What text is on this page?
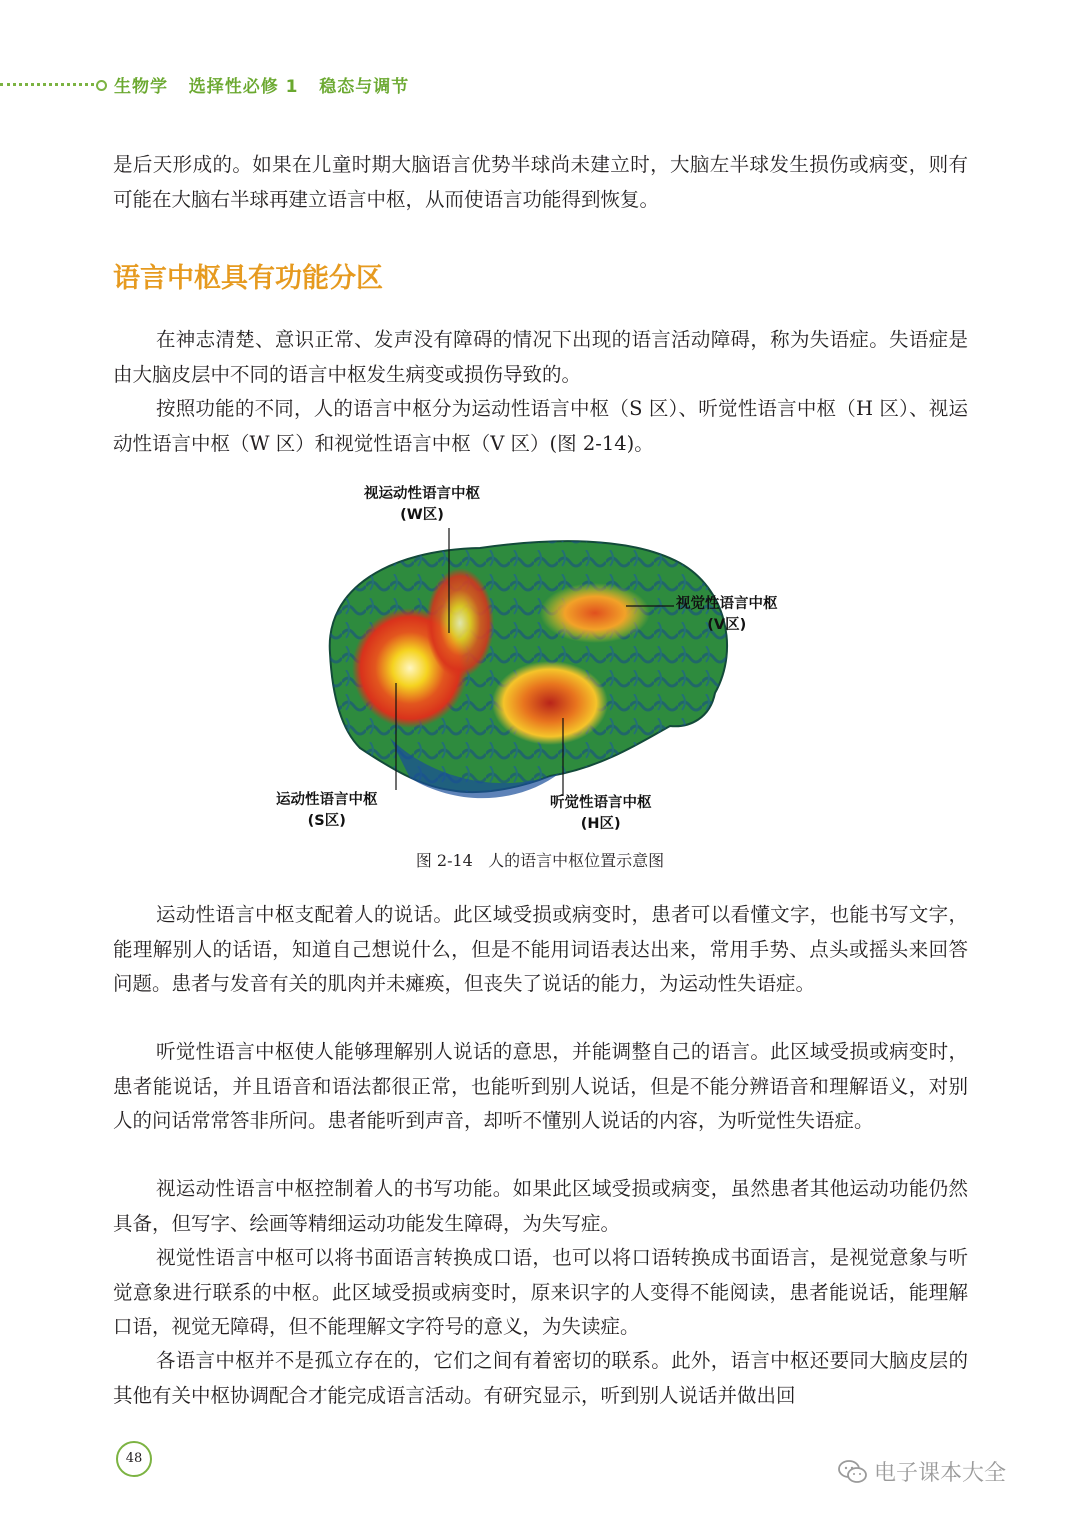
生物学 选择性必修 1 稳态与调节

是后天形成的。如果在儿童时期大脑语言优势半球尚未建立时，大脑左半球发生损伤或病变，则有可能在大脑右半球再建立语言中枢，从而使语言功能得到恢复。

语言中枢具有功能分区

在神志清楚、意识正常、发声没有障碍的情况下出现的语言活动障碍，称为失语症。失语症是由大脑皮层中不同的语言中枢发生病变或损伤导致的。

按照功能的不同，人的语言中枢分为运动性语言中枢（S 区）、听觉性语言中枢（H 区）、视运动性语言中枢（W 区）和视觉性语言中枢（V 区）(图 2-14)。

视运动性语言中枢
(W区)
视觉性语言中枢
(V区)
运动性语言中枢
(S区)
听觉性语言中枢
(H区)
图 2-14 人的语言中枢位置示意图

运动性语言中枢支配着人的说话。此区域受损或病变时，患者可以看懂文字，也能书写文字，能理解别人的话语，知道自己想说什么，但是不能用词语表达出来，常用手势、点头或摇头来回答问题。患者与发音有关的肌肉并未瘫痪，但丧失了说话的能力，为运动性失语症。

听觉性语言中枢使人能够理解别人说话的意思，并能调整自己的语言。此区域受损或病变时，患者能说话，并且语音和语法都很正常，也能听到别人说话，但是不能分辨语音和理解语义，对别人的问话常常答非所问。患者能听到声音，却听不懂别人说话的内容，为听觉性失语症。

视运动性语言中枢控制着人的书写功能。如果此区域受损或病变，虽然患者其他运动功能仍然具备，但写字、绘画等精细运动功能发生障碍，为失写症。

视觉性语言中枢可以将书面语言转换成口语，也可以将口语转换成书面语言，是视觉意象与听觉意象进行联系的中枢。此区域受损或病变时，原来识字的人变得不能阅读，患者能说话，能理解口语，视觉无障碍，但不能理解文字符号的意义，为失读症。

各语言中枢并不是孤立存在的，它们之间有着密切的联系。此外，语言中枢还要同大脑皮层的其他有关中枢协调配合才能完成语言活动。有研究显示，听到别人说话并做出回

48
电子课本大全
